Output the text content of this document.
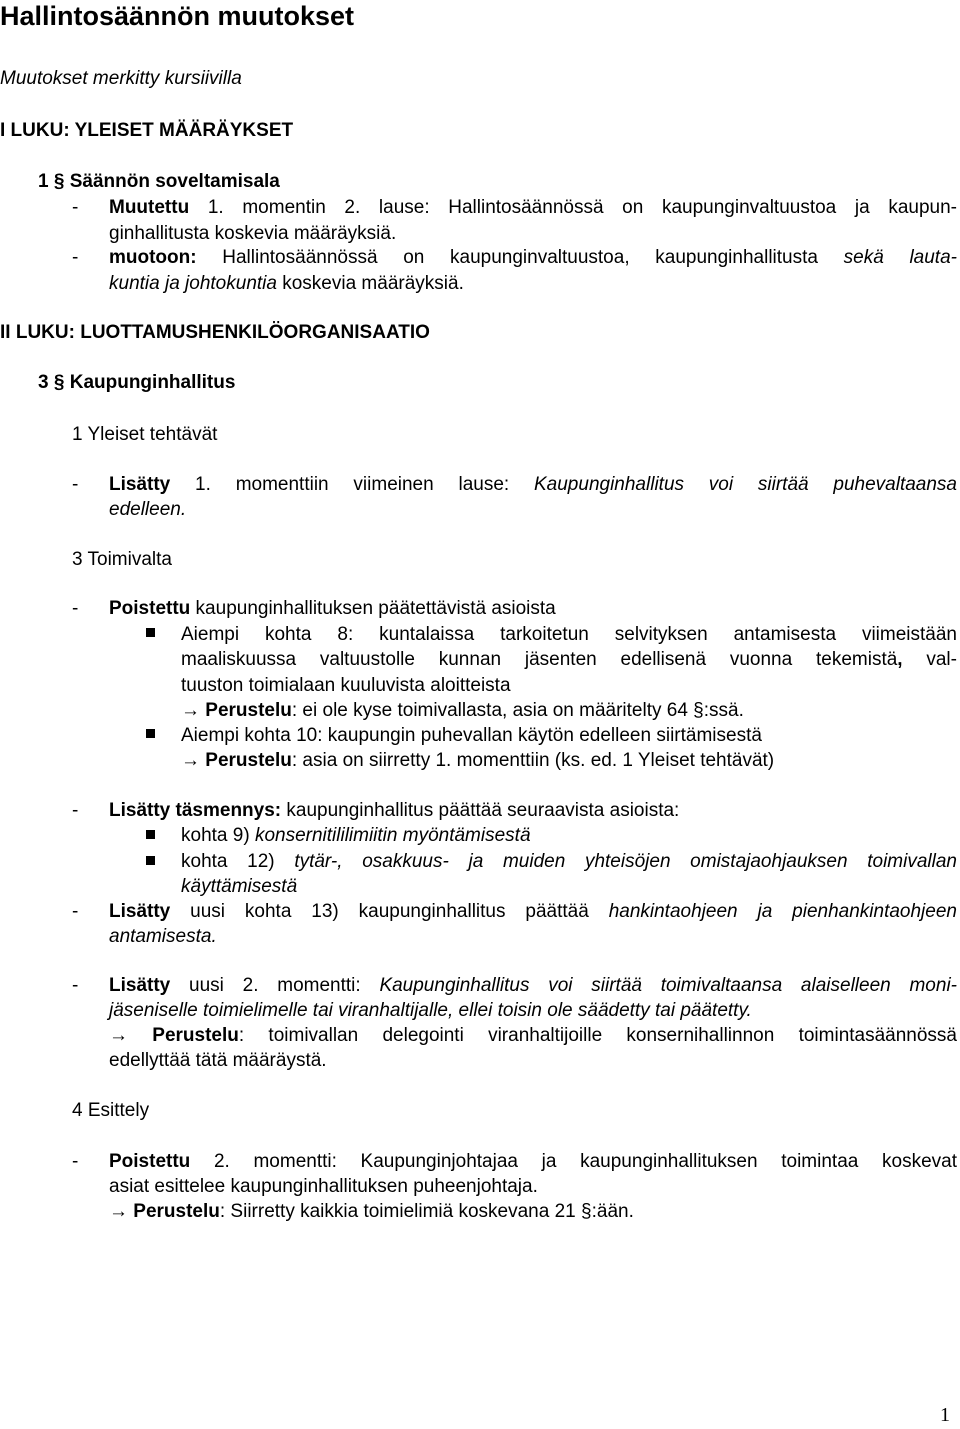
Hallintosäännön muutokset
Muutokset merkitty kursiivilla
I LUKU: YLEISET MÄÄRÄYKSET
1 § Säännön soveltamisala
- Muutettu 1. momentin 2. lause: Hallintosäännössä on kaupunginvaltuustoa ja kaupun-
ginhallitusta koskevia määräyksiä.
- muotoon: Hallintosäännössä on kaupunginvaltuustoa, kaupunginhallitusta sekä lauta-
kuntia ja johtokuntia koskevia määräyksiä.
II LUKU: LUOTTAMUSHENKILÖORGANISAATIO
3 § Kaupunginhallitus
1 Yleiset tehtävät
- Lisätty 1. momenttiin viimeinen lause: Kaupunginhallitus voi siirtää puhevaltaansa
edelleen.
3 Toimivalta
- Poistettu kaupunginhallituksen päätettävistä asioista
Aiempi kohta 8: kuntalaissa tarkoitetun selvityksen antamisesta viimeistään
maaliskuussa valtuustolle kunnan jäsenten edellisenä vuonna tekemistä, val-
tuuston toimialaan kuuluvista aloitteista
→ Perustelu: ei ole kyse toimivallasta, asia on määritelty 64 §:ssä.
Aiempi kohta 10: kaupungin puhevallan käytön edelleen siirtämisestä
→ Perustelu: asia on siirretty 1. momenttiin (ks. ed. 1 Yleiset tehtävät)
- Lisätty täsmennys: kaupunginhallitus päättää seuraavista asioista:
kohta 9) konsernitililimiitin myöntämisestä
kohta 12) tytär-, osakkuus- ja muiden yhteisöjen omistajaohjauksen toimivallan
käyttämisestä
- Lisätty uusi kohta 13) kaupunginhallitus päättää hankintaohjeen ja pienhankintaohjeen
antamisesta.
- Lisätty uusi 2. momentti: Kaupunginhallitus voi siirtää toimivaltaansa alaiselleen moni-
jäseniselle toimielimelle tai viranhaltijalle, ellei toisin ole säädetty tai päätetty.
→ Perustelu: toimivallan delegointi viranhaltijoille konsernihallinnon toimintasäännössä
edellyttää tätä määräystä.
4 Esittely
- Poistettu 2. momentti: Kaupunginjohtajaa ja kaupunginhallituksen toimintaa koskevat
asiat esittelee kaupunginhallituksen puheenjohtaja.
→ Perustelu: Siirretty kaikkia toimielimiä koskevana 21 §:ään.
1
